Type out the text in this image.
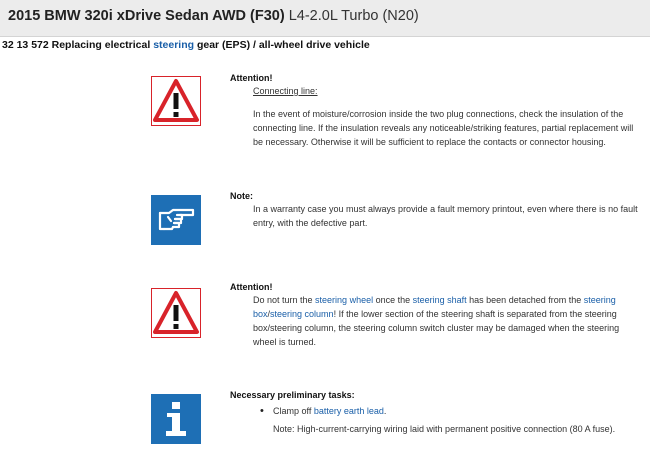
2015 BMW 320i xDrive Sedan AWD (F30) L4-2.0L Turbo (N20)
32 13 572 Replacing electrical steering gear (EPS) / all-wheel drive vehicle
Attention!
Connecting line:
In the event of moisture/corrosion inside the two plug connections, check the insulation of the connecting line. If the insulation reveals any noticeable/striking features, partial replacement will be necessary. Otherwise it will be sufficient to replace the contacts or connector housing.
Note:
In a warranty case you must always provide a fault memory printout, even where there is no fault entry, with the defective part.
Attention!
Do not turn the steering wheel once the steering shaft has been detached from the steering box/steering column! If the lower section of the steering shaft is separated from the steering box/steering column, the steering column switch cluster may be damaged when the steering wheel is turned.
Necessary preliminary tasks:
• Clamp off battery earth lead.
Note: High-current-carrying wiring laid with permanent positive connection (80 A fuse).
